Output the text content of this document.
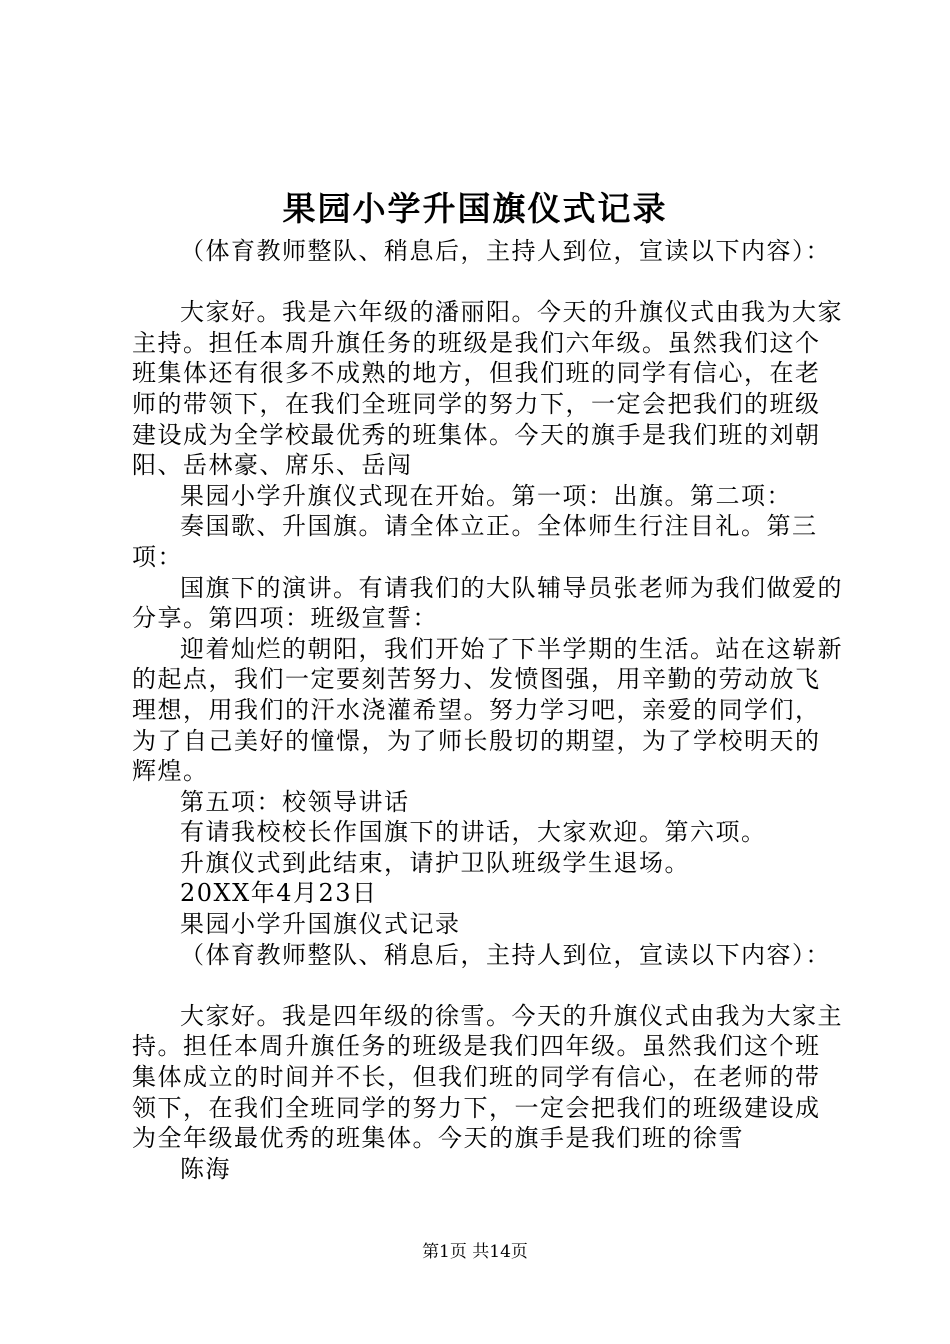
果园小学升国旗仪式记录

（体育教师整队、稍息后，主持人到位，宣读以下内容）：

大家好。我是六年级的潘丽阳。今天的升旗仪式由我为大家主持。担任本周升旗任务的班级是我们六年级。虽然我们这个班集体还有很多不成熟的地方，但我们班的同学有信心，在老师的带领下，在我们全班同学的努力下，一定会把我们的班级建设成为全学校最优秀的班集体。今天的旗手是我们班的刘朝阳、岳林豪、席乐、岳闯

果园小学升旗仪式现在开始。第一项：出旗。第二项：

奏国歌、升国旗。请全体立正。全体师生行注目礼。第三项：

国旗下的演讲。有请我们的大队辅导员张老师为我们做爱的分享。第四项：班级宣誓：

迎着灿烂的朝阳，我们开始了下半学期的生活。站在这崭新的起点，我们一定要刻苦努力、发愤图强，用辛勤的劳动放飞理想，用我们的汗水浇灌希望。努力学习吧，亲爱的同学们，为了自己美好的憧憬，为了师长殷切的期望，为了学校明天的辉煌。

第五项：校领导讲话

有请我校校长作国旗下的讲话，大家欢迎。第六项。

升旗仪式到此结束，请护卫队班级学生退场。

20XX年4月23日

果园小学升国旗仪式记录

（体育教师整队、稍息后，主持人到位，宣读以下内容）：

大家好。我是四年级的徐雪。今天的升旗仪式由我为大家主持。担任本周升旗任务的班级是我们四年级。虽然我们这个班集体成立的时间并不长，但我们班的同学有信心，在老师的带领下，在我们全班同学的努力下，一定会把我们的班级建设成为全年级最优秀的班集体。今天的旗手是我们班的徐雪

陈海

第1页 共14页
